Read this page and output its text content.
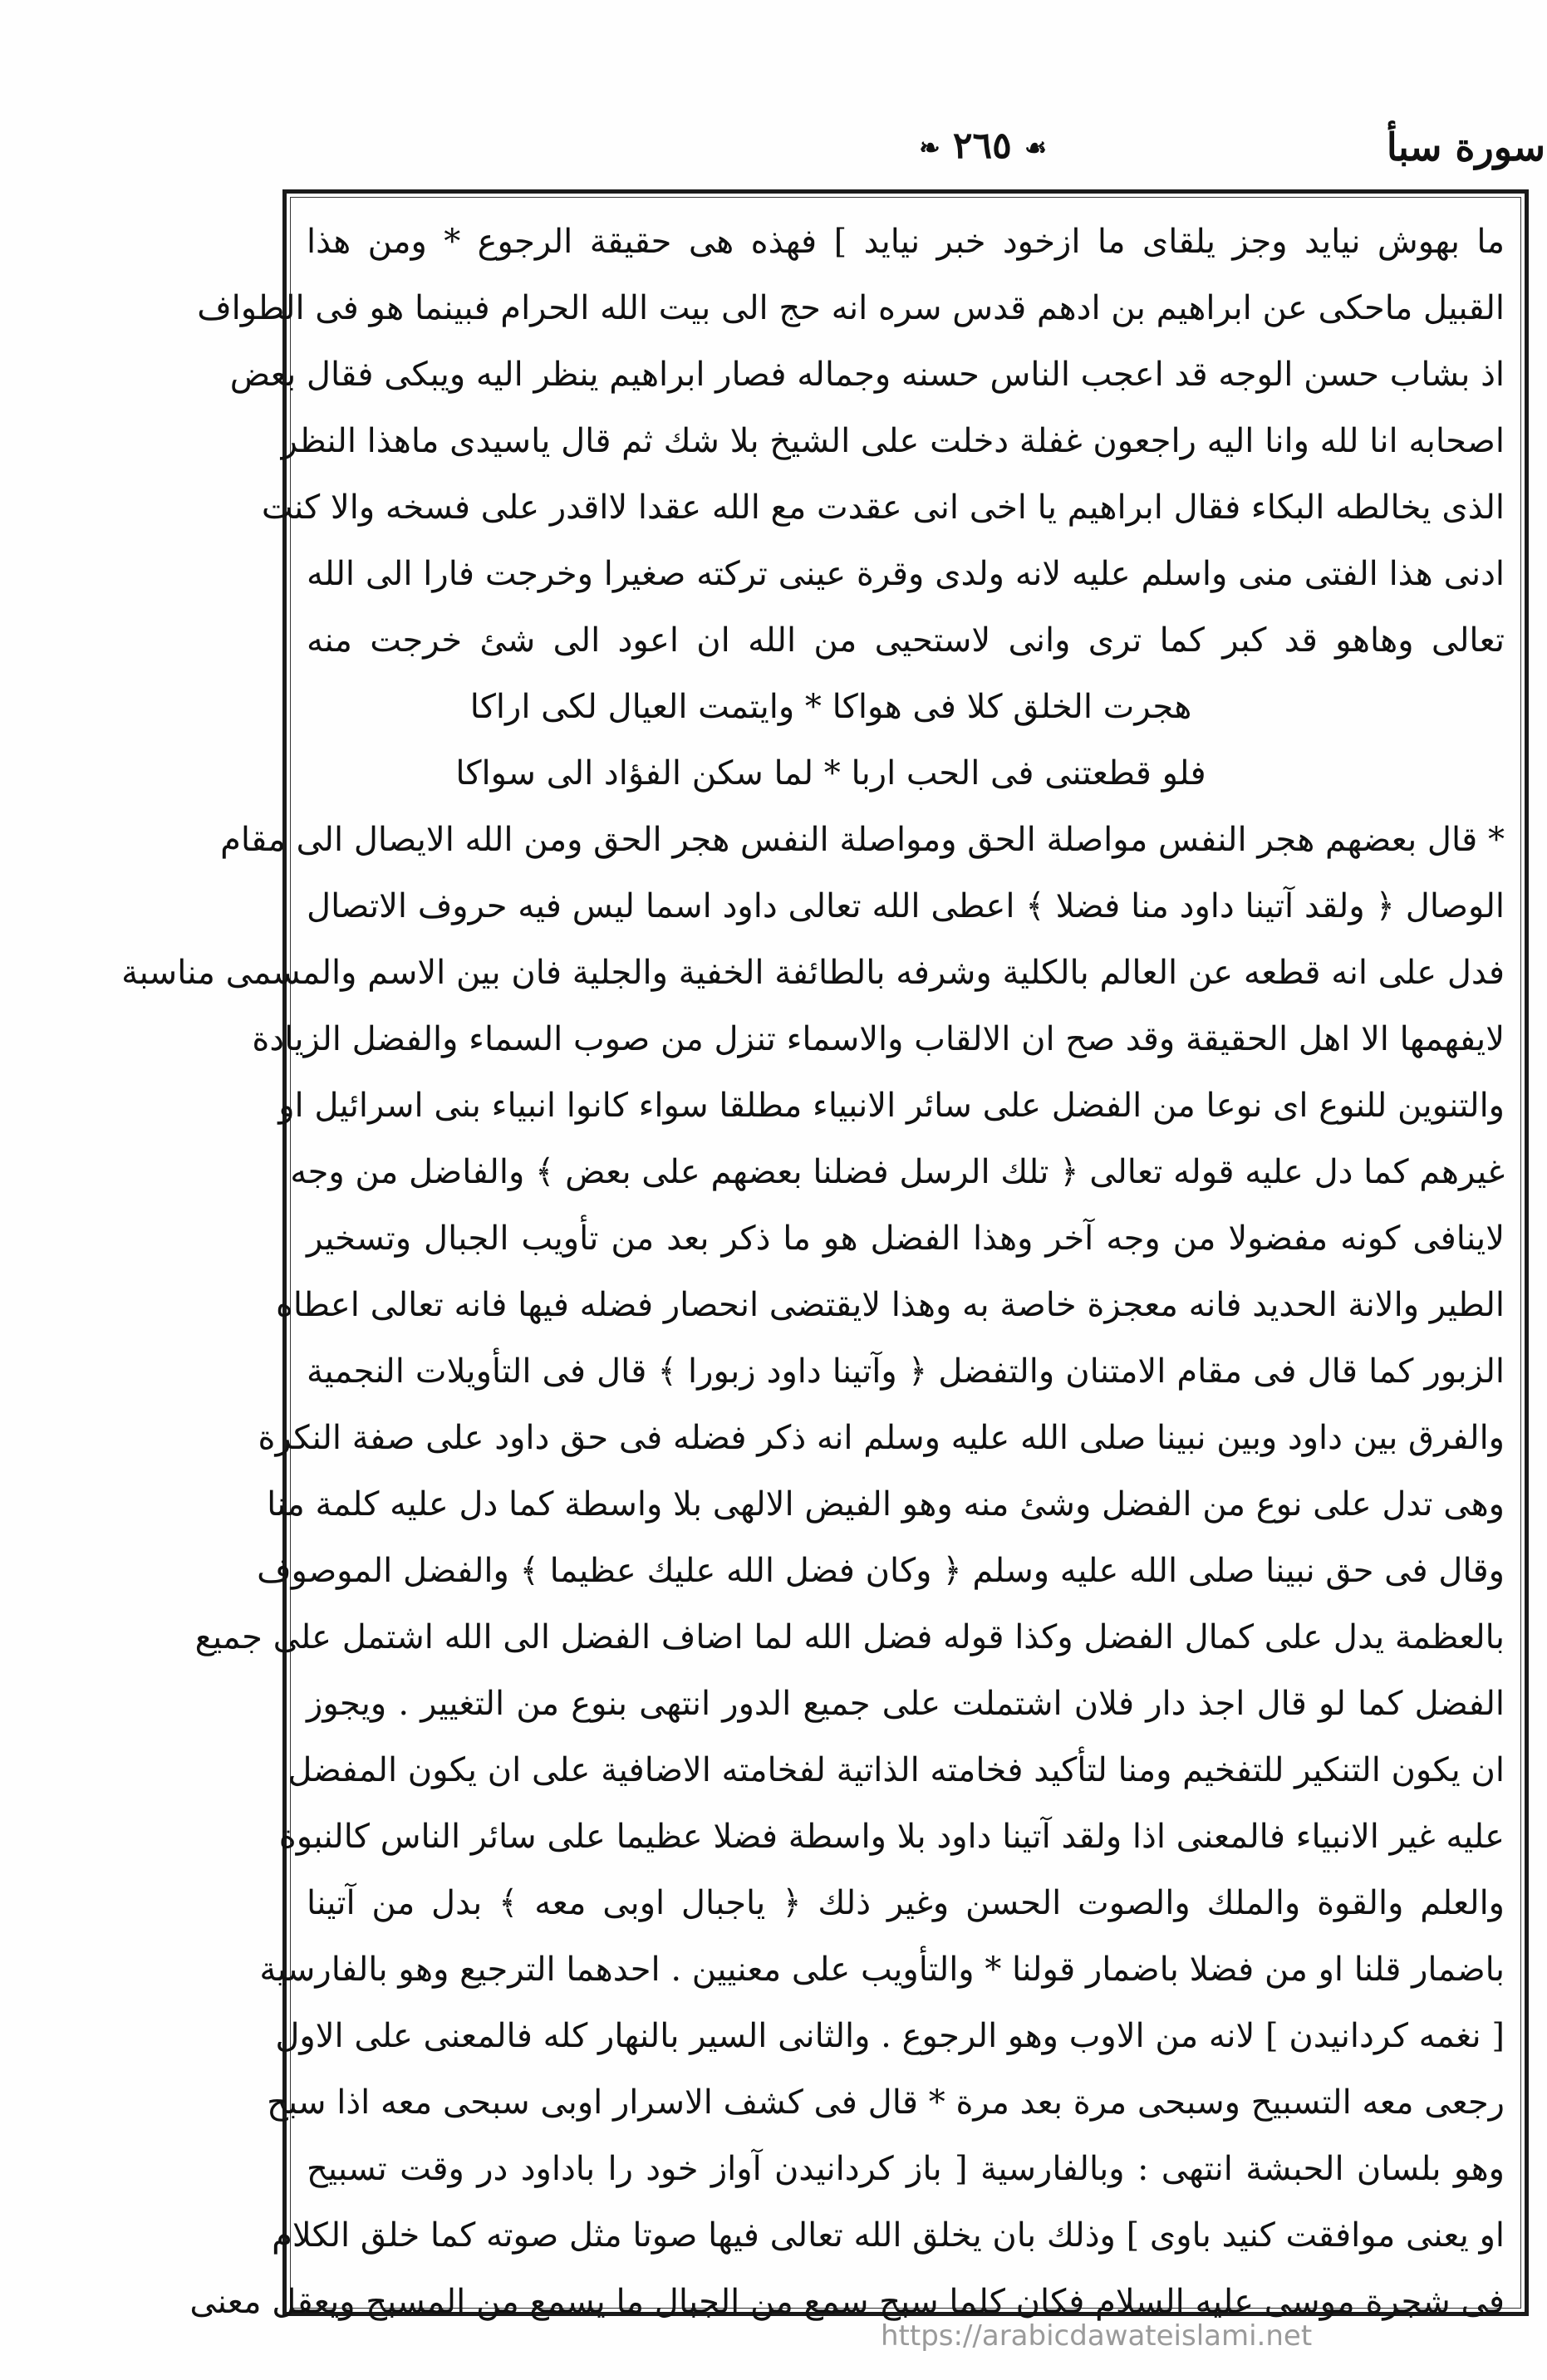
سورة سبأ
☙ ٢٦٥ ❧
ما بهوش نيايد وجز يلقاى ما ازخود خبر نيايد ] فهذه هى حقيقة الرجوع * ومن هذا
القبيل ماحكى عن ابراهيم بن ادهم قدس سره انه حج الى بيت الله الحرام فبينما هو فى الطواف
اذ بشاب حسن الوجه قد اعجب الناس حسنه وجماله فصار ابراهيم ينظر اليه ويبكى فقال بعض
اصحابه انا لله وانا اليه راجعون غفلة دخلت على الشيخ بلا شك ثم قال ياسيدى ماهذا النظر
الذى يخالطه البكاء فقال ابراهيم يا اخى انى عقدت مع الله عقدا لااقدر على فسخه والا كنت
ادنى هذا الفتى منى واسلم عليه لانه ولدى وقرة عينى تركته صغيرا وخرجت فارا الى الله
تعالى وهاهو قد كبر كما ترى وانى لاستحيى من الله ان اعود الى شئ خرجت منه
هجرت الخلق كلا فى هواكا * وايتمت العيال لكى اراكا
فلو قطعتنى فى الحب اربا * لما سكن الفؤاد الى سواكا
* قال بعضهم هجر النفس مواصلة الحق ومواصلة النفس هجر الحق ومن الله الايصال الى مقام
الوصال ﴿ ولقد آتينا داود منا فضلا ﴾ اعطى الله تعالى داود اسما ليس فيه حروف الاتصال
فدل على انه قطعه عن العالم بالكلية وشرفه بالطائفة الخفية والجلية فان بين الاسم والمسمى مناسبة
لايفهمها الا اهل الحقيقة وقد صح ان الالقاب والاسماء تنزل من صوب السماء والفضل الزيادة
والتنوين للنوع اى نوعا من الفضل على سائر الانبياء مطلقا سواء كانوا انبياء بنى اسرائيل او
غيرهم كما دل عليه قوله تعالى ﴿ تلك الرسل فضلنا بعضهم على بعض ﴾ والفاضل من وجه
لاينافى كونه مفضولا من وجه آخر وهذا الفضل هو ما ذكر بعد من تأويب الجبال وتسخير
الطير والانة الحديد فانه معجزة خاصة به وهذا لايقتضى انحصار فضله فيها فانه تعالى اعطاه
الزبور كما قال فى مقام الامتنان والتفضل ﴿ وآتينا داود زبورا ﴾ قال فى التأويلات النجمية
والفرق بين داود وبين نبينا صلى الله عليه وسلم انه ذكر فضله فى حق داود على صفة النكرة
وهى تدل على نوع من الفضل وشئ منه وهو الفيض الالهى بلا واسطة كما دل عليه كلمة منا
وقال فى حق نبينا صلى الله عليه وسلم ﴿ وكان فضل الله عليك عظيما ﴾ والفضل الموصوف
بالعظمة يدل على كمال الفضل وكذا قوله فضل الله لما اضاف الفضل الى الله اشتمل على جميع
الفضل كما لو قال اجذ دار فلان اشتملت على جميع الدور انتهى بنوع من التغيير . ويجوز
ان يكون التنكير للتفخيم ومنا لتأكيد فخامته الذاتية لفخامته الاضافية على ان يكون المفضل
عليه غير الانبياء فالمعنى اذا ولقد آتينا داود بلا واسطة فضلا عظيما على سائر الناس كالنبوة
والعلم والقوة والملك والصوت الحسن وغير ذلك ﴿ ياجبال اوبى معه ﴾ بدل من آتينا
باضمار قلنا او من فضلا باضمار قولنا * والتأويب على معنيين . احدهما الترجيع وهو بالفارسية
[ نغمه كردانيدن ] لانه من الاوب وهو الرجوع . والثانى السير بالنهار كله فالمعنى على الاول
رجعى معه التسبيح وسبحى مرة بعد مرة * قال فى كشف الاسرار اوبى سبحى معه اذا سبح
وهو بلسان الحبشة انتهى : وبالفارسية [ باز كردانيدن آواز خود را باداود در وقت تسبيح
او يعنى موافقت كنيد باوى ] وذلك بان يخلق الله تعالى فيها صوتا مثل صوته كما خلق الكلام
فى شجرة موسى عليه السلام فكان كلما سبح سمع من الجبال ما يسمع من المسبح ويعقل معنى
https://arabicdawateislami.net
